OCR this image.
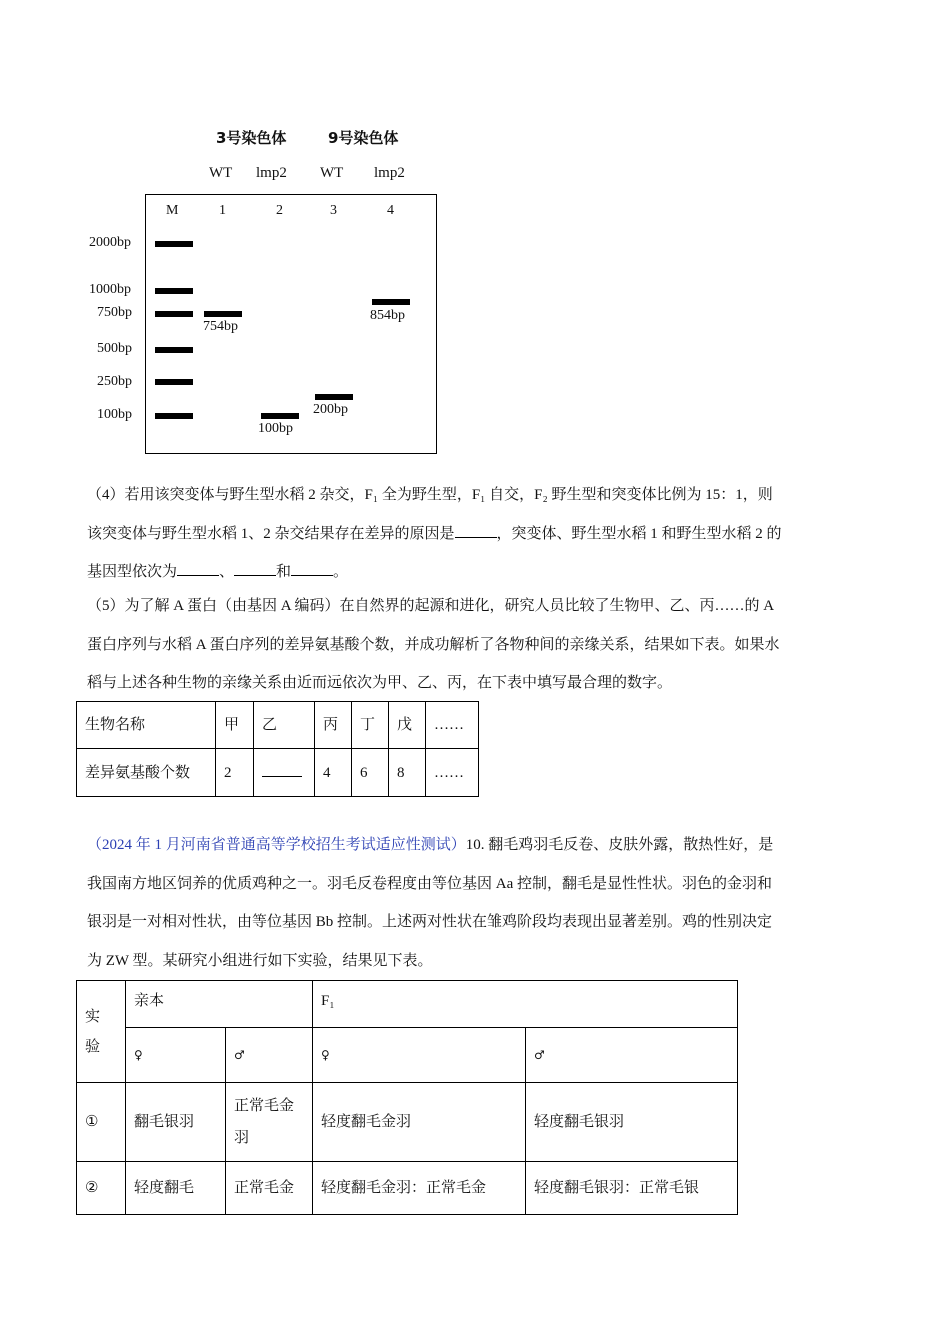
3号染色体	9号染色体
WT lmp2 WT lmp2
2000bp
1000bp
750bp
500bp
250bp
100bp
M	1	2	3	4
754bp
100bp
200bp
854bp
（4）若用该突变体与野生型水稻 2 杂交，F₁ 全为野生型，F₁ 自交，F₂ 野生型和突变体比例为 15：1，则
该突变体与野生型水稻 1、2 杂交结果存在差异的原因是	，突变体、野生型水稻 1 和野生型水稻 2 的
基因型依次为	、	和	。
（5）为了解 A 蛋白（由基因 A 编码）在自然界的起源和进化，研究人员比较了生物甲、乙、丙……的 A
蛋白序列与水稻 A 蛋白序列的差异氨基酸个数，并成功解析了各物种间的亲缘关系，结果如下表。如果水
稻与上述各种生物的亲缘关系由近而远依次为甲、乙、丙，在下表中填写最合理的数字。
生物名称	甲	乙	丙	丁	戊	……
差异氨基酸个数	2		4	6	8	……
（2024 年 1 月河南省普通高等学校招生考试适应性测试）10. 翻毛鸡羽毛反卷、皮肤外露，散热性好，是
我国南方地区饲养的优质鸡种之一。羽毛反卷程度由等位基因 Aa 控制，翻毛是显性性状。羽色的金羽和
银羽是一对相对性状，由等位基因 Bb 控制。上述两对性状在雏鸡阶段均表现出显著差别。鸡的性别决定
为 ZW 型。某研究小组进行如下实验，结果见下表。
实
验	亲本		F₁	
	♀	♂	♀	♂
①	翻毛银羽	正常毛金
羽	轻度翻毛金羽	轻度翻毛银羽
②	轻度翻毛	正常毛金	轻度翻毛金羽：正常毛金	轻度翻毛银羽：正常毛银
